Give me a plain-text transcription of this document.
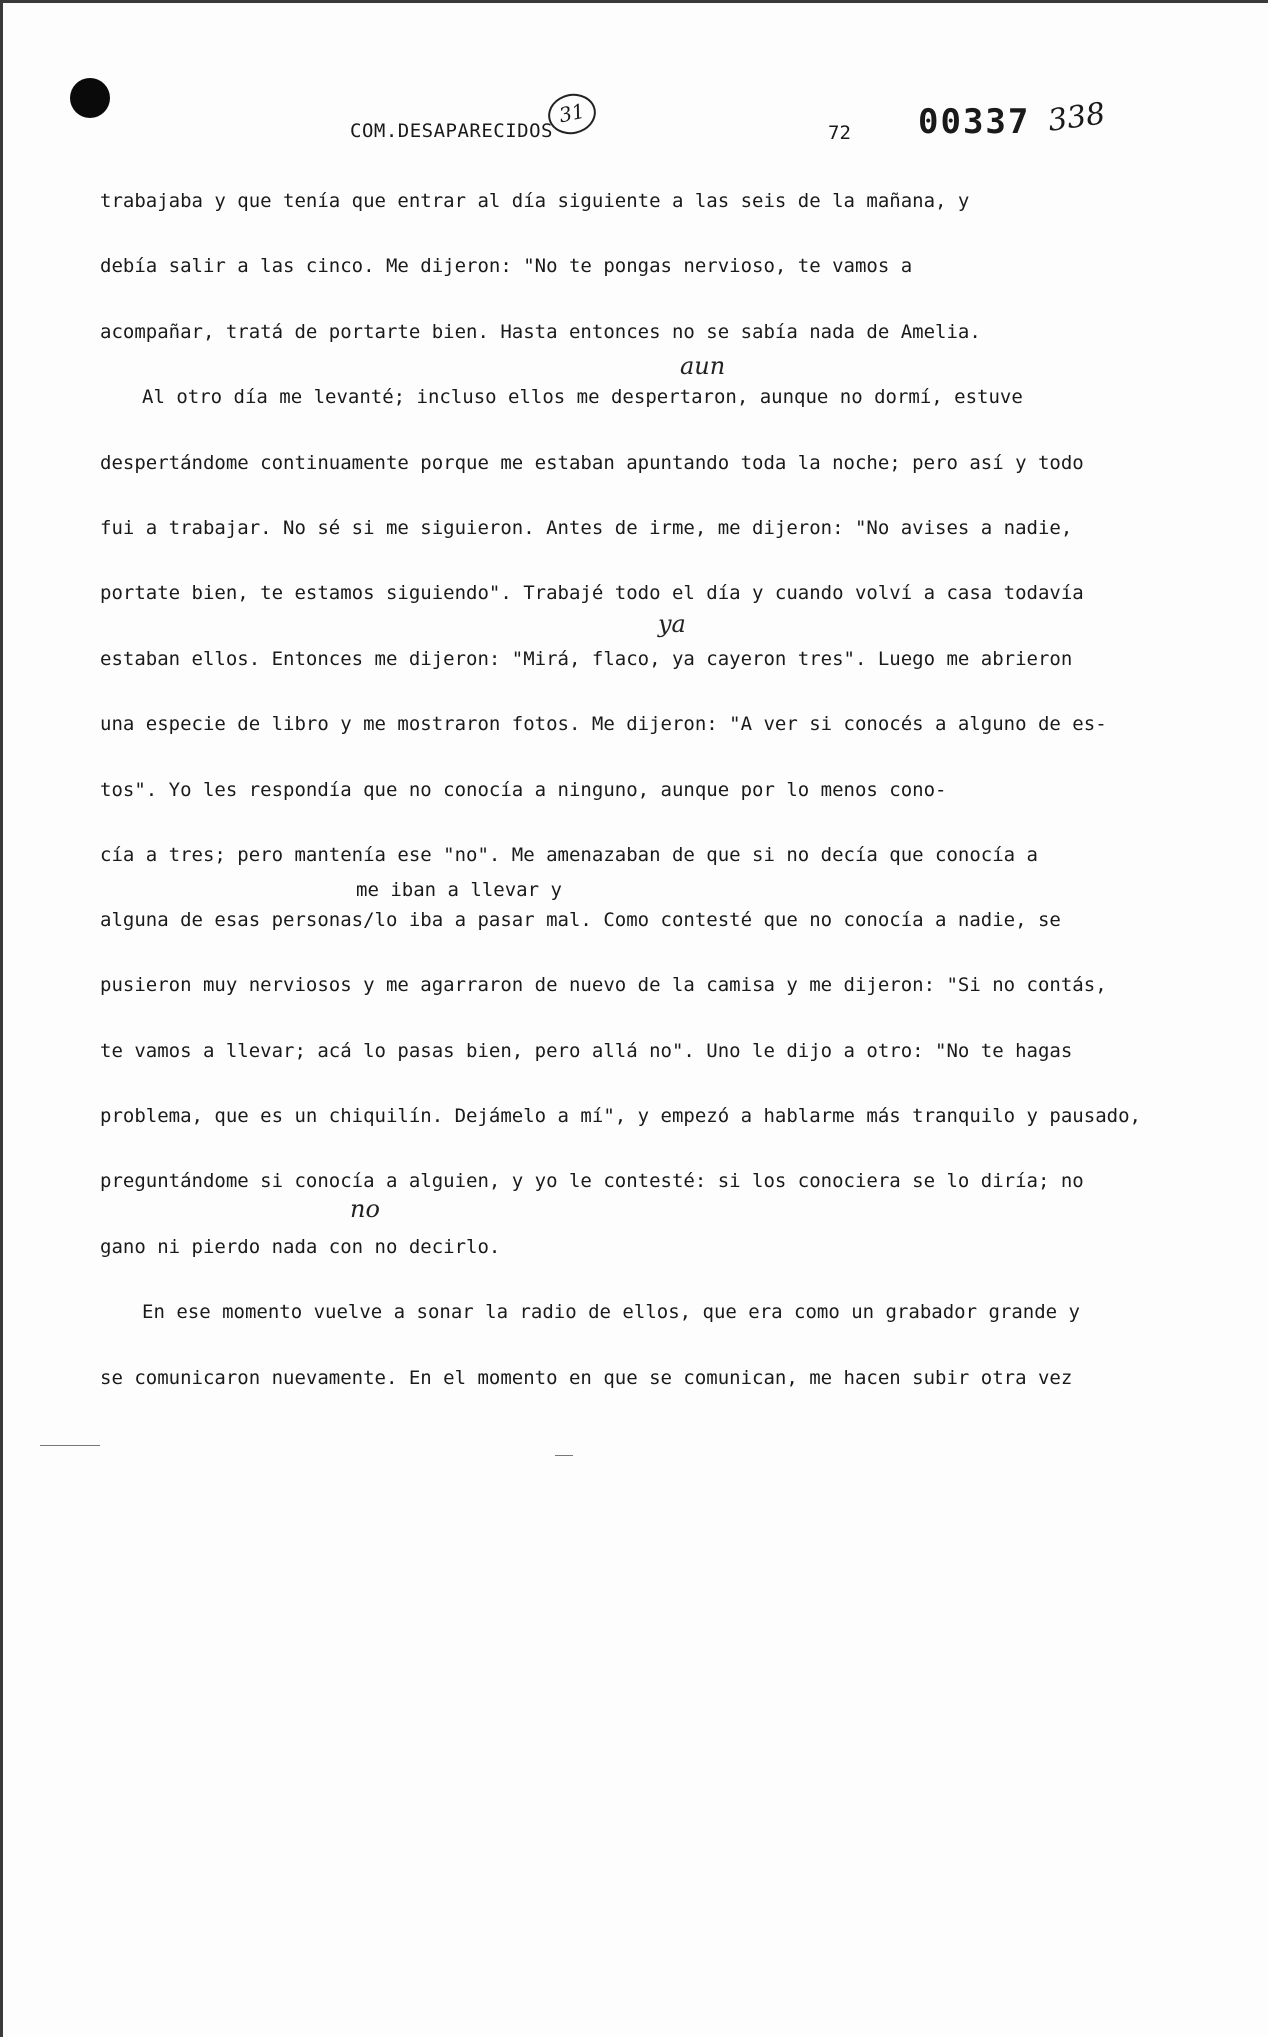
COM.DESAPARECIDOS
31
72 00337 338
trabajaba y que tenía que entrar al día siguiente a las seis de la mañana, y
debía salir a las cinco. Me dijeron: "No te pongas nervioso, te vamos a
acompañar, tratá de portarte bien. Hasta entonces no se sabía nada de Amelia.
Al otro día me levanté; incluso ellos me despertaron, aunque no dormí, estuve
despertándome continuamente porque me estaban apuntando toda la noche; pero así y todo
fui a trabajar. No sé si me siguieron. Antes de irme, me dijeron: "No avises a nadie,
portate bien, te estamos siguiendo". Trabajé todo el día y cuando volví a casa todavía
estaban ellos. Entonces me dijeron: "Mirá, flaco, ya cayeron tres". Luego me abrieron
una especie de libro y me mostraron fotos. Me dijeron: "A ver si conocés a alguno de es-
tos". Yo les respondía que no conocía a ninguno, aunque por lo menos cono-
cía a tres; pero mantenía ese "no". Me amenazaban de que si no decía que conocía a
me iban a llevar y
alguna de esas personas/lo iba a pasar mal. Como contesté que no conocía a nadie, se
pusieron muy nerviosos y me agarraron de nuevo de la camisa y me dijeron: "Si no contás,
te vamos a llevar; acá lo pasas bien, pero allá no". Uno le dijo a otro: "No te hagas
problema, que es un chiquilín. Dejámelo a mí", y empezó a hablarme más tranquilo y pausado,
preguntándome si conocía a alguien, y yo le contesté: si los conociera se lo diría; no
gano ni pierdo nada con no decirlo.
En ese momento vuelve a sonar la radio de ellos, que era como un grabador grande y
se comunicaron nuevamente. En el momento en que se comunican, me hacen subir otra vez
aun
ya
no
